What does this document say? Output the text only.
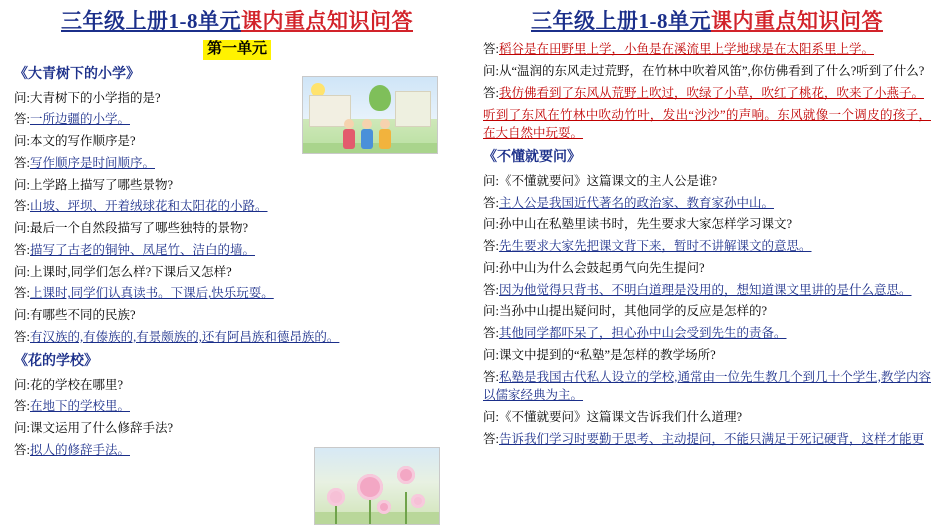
三年级上册1-8单元课内重点知识问答
第一单元
《大青树下的小学》
问:大青树下的小学指的是?
答:一所边疆的小学。
问:本文的写作顺序是?
答:写作顺序是时间顺序。
问:上学路上描写了哪些景物?
答:山坡、坪坝、开着绒球花和太阳花的小路。
问:最后一个自然段描写了哪些独特的景物?
答:描写了古老的铜钟、凤尾竹、洁白的墙。
问:上课时,同学们怎么样?下课后又怎样?
答:上课时,同学们认真读书。下课后,快乐玩耍。
问:有哪些不同的民族?
答:有汉族的,有傣族的,有景颇族的,还有阿昌族和德昂族的。
《花的学校》
问:花的学校在哪里?
答:在地下的学校里。
问:课文运用了什么修辞手法?
答:拟人的修辞手法。
三年级上册1-8单元课内重点知识问答
答:稻谷是在田野里上学，小鱼是在溪流里上学地球是在太阳系里上学。
问:从“温润的东风走过荒野，在竹林中吹着风笛”,你仿佛看到了什么?听到了什么?
答:我仿佛看到了东风从荒野上吹过，吹绿了小草，吹红了桃花，吹来了小燕子。
听到了东风在竹林中吹动竹叶，发出“沙沙”的声响。东风就像一个调皮的孩子，在大自然中玩耍。
《不懂就要问》
问:《不懂就要问》这篇课文的主人公是谁?
答:主人公是我国近代著名的政治家、教育家孙中山。
问:孙中山在私塾里读书时，先生要求大家怎样学习课文?
答:先生要求大家先把课文背下来，暂时不讲解课文的意思。
问:孙中山为什么会鼓起勇气向先生提问?
答:因为他觉得只背书、不明白道理是没用的，想知道课文里讲的是什么意思。
问:当孙中山提出疑问时，其他同学的反应是怎样的?
答:其他同学都吓呆了，担心孙中山会受到先生的责备。
问:课文中提到的“私塾”是怎样的教学场所?
答:私塾是我国古代私人设立的学校,通常由一位先生教几个到几十个学生,教学内容以儒家经典为主。
问:《不懂就要问》这篇课文告诉我们什么道理?
答:告诉我们学习时要勤于思考、主动提问，不能只满足于死记硬背，这样才能更
